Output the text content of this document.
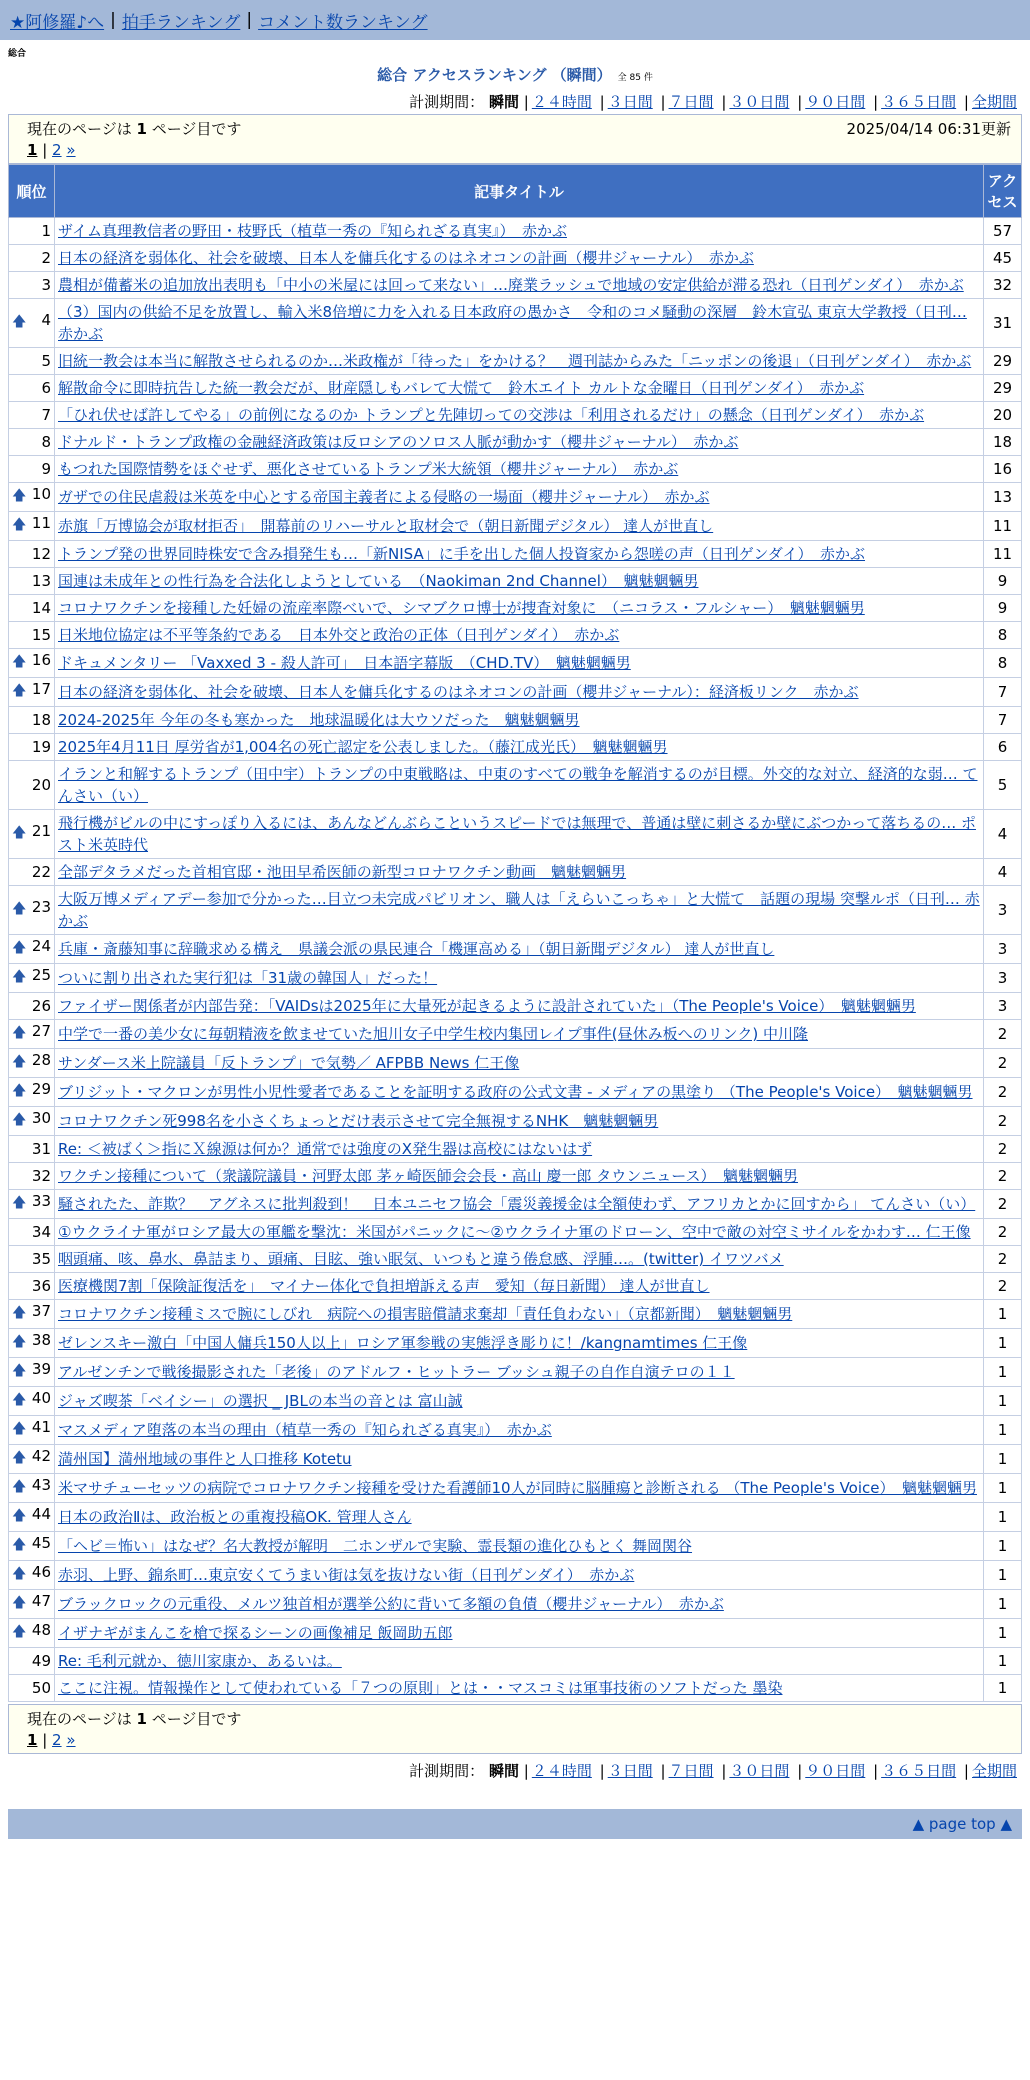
★阿修羅♪へ | 拍手ランキング | コメント数ランキング
総合
総合 アクセスランキング （瞬間） 全 85 件
計測期間： 瞬間 | ２４時間 | ３日間 | ７日間 | ３０日間 | ９０日間 | ３６５日間 | 全期間
現在のページは 1 ページ目です	2025/04/14 06:31更新
1 | 2 »
順位	記事タイトル	アクセス
1	ザイム真理教信者の野田・枝野氏（植草一秀の『知られざる真実』）　赤かぶ	57
2	日本の経済を弱体化、社会を破壊、日本人を傭兵化するのはネオコンの計画（櫻井ジャーナル）　赤かぶ	45
3	農相が備蓄米の追加放出表明も「中小の米屋には回って来ない」…廃業ラッシュで地域の安定供給が滞る恐れ（日刊ゲンダイ）　赤かぶ	32

🡅 4	（3）国内の供給不足を放置し、輸入米8倍増に力を入れる日本政府の愚かさ　令和のコメ騒動の深層　鈴木宣弘 東京大学教授（日刊… 赤かぶ	31
5	旧統一教会は本当に解散させられるのか…米政権が「待った」をかける？　週刊誌からみた「ニッポンの後退」（日刊ゲンダイ）　赤かぶ	29
6	解散命令に即時抗告した統一教会だが、財産隠しもバレて大慌て　鈴木エイト カルトな金曜日（日刊ゲンダイ）　赤かぶ	29
7	「ひれ伏せば許してやる」の前例になるのか トランプと先陣切っての交渉は「利用されるだけ」の懸念（日刊ゲンダイ）　赤かぶ	20
8	ドナルド・トランプ政権の金融経済政策は反ロシアのソロス人脈が動かす（櫻井ジャーナル）　赤かぶ	18
9	もつれた国際情勢をほぐせず、悪化させているトランプ米大統領（櫻井ジャーナル）　赤かぶ	16

🡅 10	ガザでの住民虐殺は米英を中心とする帝国主義者による侵略の一場面（櫻井ジャーナル）　赤かぶ	13

🡅 11	赤旗「万博協会が取材拒否」　開幕前のリハーサルと取材会で（朝日新聞デジタル） 達人が世直し	11
12	トランプ発の世界同時株安で含み損発生も…「新NISA」に手を出した個人投資家から怨嗟の声（日刊ゲンダイ）　赤かぶ	11
13	国連は未成年との性行為を合法化しようとしている　（Naokiman 2nd Channel）　魑魅魍魎男	9
14	コロナワクチンを接種した妊婦の流産率際べいで、シマブクロ博士が捜査対象に　（ニコラス・フルシャー）　魑魅魍魎男	9
15	日米地位協定は不平等条約である　日本外交と政治の正体（日刊ゲンダイ）　赤かぶ	8

🡅 16	ドキュメンタリー 「Vaxxed 3 - 殺人許可」　日本語字幕版　（CHD.TV）　魑魅魍魎男	8

🡅 17	日本の経済を弱体化、社会を破壊、日本人を傭兵化するのはネオコンの計画（櫻井ジャーナル）：経済板リンク　赤かぶ	7
18	2024-2025年 今年の冬も寒かった　地球温暖化は大ウソだった　魑魅魍魎男	7
19	2025年4月11日 厚労省が1,004名の死亡認定を公表しました。（藤江成光氏）　魑魅魍魎男	6
20	イランと和解するトランプ（田中宇）トランプの中東戦略は、中東のすべての戦争を解消するのが目標。外交的な対立、経済的な弱… てんさい（い）	5

🡅 21	飛行機がビルの中にすっぽり入るには、あんなどんぶらこというスピードでは無理で、普通は壁に刺さるか壁にぶつかって落ちるの… ポスト米英時代	4
22	全部デタラメだった首相官邸・池田早希医師の新型コロナワクチン動画　魑魅魍魎男	4

🡅 23	大阪万博メディアデー参加で分かった…目立つ未完成パビリオン、職人は「えらいこっちゃ」と大慌て　話題の現場 突撃ルポ（日刊… 赤かぶ	3

🡅 24	兵庫・斎藤知事に辞職求める構え　県議会派の県民連合「機運高める」（朝日新聞デジタル） 達人が世直し	3

🡅 25	ついに割り出された実行犯は「31歳の韓国人」だった！	3
26	ファイザー関係者が内部告発：「VAIDsは2025年に大量死が起きるように設計されていた」（The People's Voice）　魑魅魍魎男	3

🡅 27	中学で一番の美少女に毎朝精液を飲ませていた旭川女子中学生校内集団レイプ事件(昼休み板へのリンク) 中川隆	2

🡅 28	サンダース米上院議員「反トランプ」で気勢／ AFPBB News 仁王像	2

🡅 29	ブリジット・マクロンが男性小児性愛者であることを証明する政府の公式文書 - メディアの黒塗り （The People's Voice）　魑魅魍魎男	2

🡅 30	コロナワクチン死998名を小さくちょっとだけ表示させて完全無視するNHK　魑魅魍魎男	2
31	Re: ＜被ばく＞指にＸ線源は何か？通常では強度のX発生器は高校にはないはず	2
32	ワクチン接種について（衆議院議員・河野太郎 茅ヶ崎医師会会長・高山 慶一郎 タウンニュース）　魑魅魍魎男	2

🡅 33	騒されたた、詐欺？　アグネスに批判殺到！　日本ユニセフ協会「震災義援金は全額使わず、アフリカとかに回すから」 てんさい（い）	2
34	①ウクライナ軍がロシア最大の軍艦を撃沈：米国がパニックに～②ウクライナ軍のドローン、空中で敵の対空ミサイルをかわす… 仁王像	2
35	咽頭痛、咳、鼻水、鼻詰まり、頭痛、目眩、強い眠気、いつもと違う倦怠感、浮腫…。(twitter) イワツバメ	2
36	医療機関7割「保険証復活を」　マイナー体化で負担増訴える声　愛知（毎日新聞） 達人が世直し	2

🡅 37	コロナワクチン接種ミスで腕にしびれ　病院への損害賠償請求棄却「責任負わない」（京都新聞）　魑魅魍魎男	1

🡅 38	ゼレンスキー激白「中国人傭兵150人以上」ロシア軍参戦の実態浮き彫りに！/kangnamtimes 仁王像	1

🡅 39	アルゼンチンで戦後撮影された「老後」のアドルフ・ヒットラー ブッシュ親子の自作自演テロの１１	1

🡅 40	ジャズ喫茶「ベイシー」の選択 _ JBLの本当の音とは 富山誠	1

🡅 41	マスメディア堕落の本当の理由（植草一秀の『知られざる真実』）　赤かぶ	1

🡅 42	満州国】満州地域の事件と人口推移 Kotetu	1

🡅 43	米マサチューセッツの病院でコロナワクチン接種を受けた看護師10人が同時に脳腫瘍と診断される （The People's Voice）　魑魅魍魎男	1

🡅 44	日本の政治Ⅱは、政治板との重複投稿OK. 管理人さん	1

🡅 45	「ヘビ＝怖い」はなぜ？名大教授が解明　二ホンザルで実験、霊長類の進化ひもとく 舞岡関谷	1

🡅 46	赤羽、上野、錦糸町…東京安くてうまい街は気を抜けない街（日刊ゲンダイ）　赤かぶ	1

🡅 47	ブラックロックの元重役、メルツ独首相が選挙公約に背いて多額の負債（櫻井ジャーナル）　赤かぶ	1

🡅 48	イザナギがまんこを槍で探るシーンの画像補足 飯岡助五郎	1
49	Re: 毛利元就か、徳川家康か、あるいは。	1
50	ここに注視。情報操作として使われている「７つの原則」とは・・マスコミは軍事技術のソフトだった 墨染	1
現在のページは 1 ページ目です
1 | 2 »
計測期間： 瞬間 | ２４時間 | ３日間 | ７日間 | ３０日間 | ９０日間 | ３６５日間 | 全期間
▲ page top ▲
